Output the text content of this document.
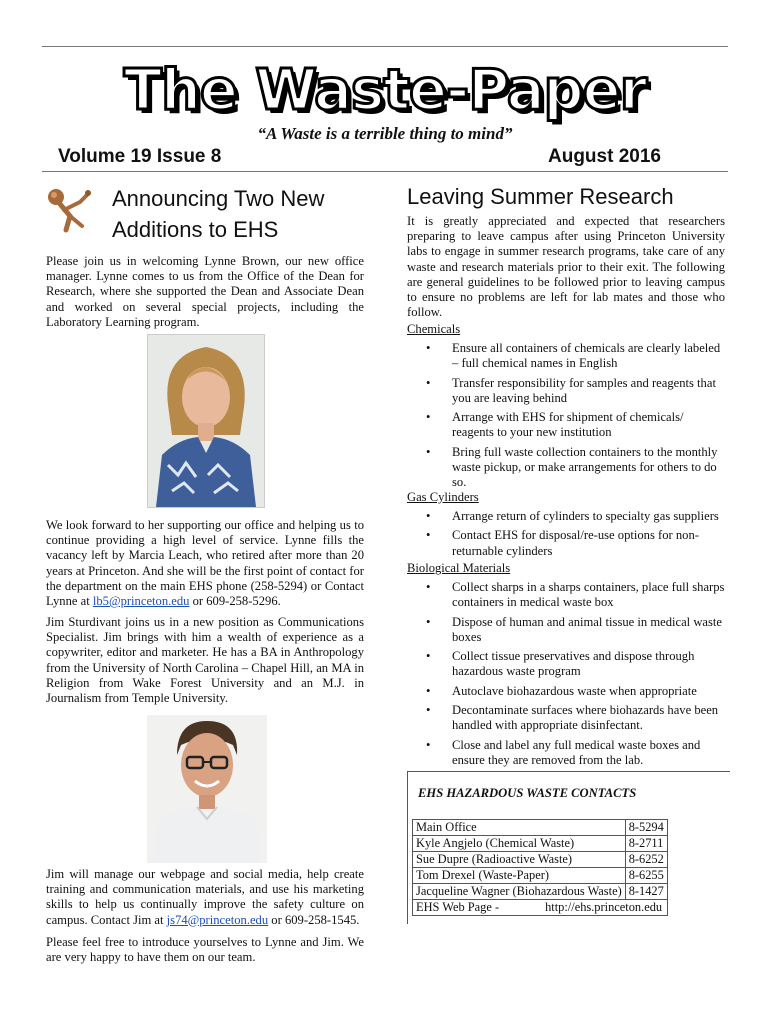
The Waste-Paper
“A Waste is a terrible thing to mind”
Volume 19 Issue 8	August 2016
Announcing Two New
Additions to EHS

Please join us in welcoming Lynne Brown, our new office manager. Lynne comes to us from the Office of the Dean for Research, where she supported the Dean and Associate Dean and worked on several special projects, including the Laboratory Learning program.

We look forward to her supporting our office and helping us to continue providing a high level of service. Lynne fills the vacancy left by Marcia Leach, who retired after more than 20 years at Princeton. And she will be the first point of contact for the department on the main EHS phone (258-5294) or Contact Lynne at lb5@princeton.edu or 609-258-5296.

Jim Sturdivant joins us in a new position as Communications Specialist. Jim brings with him a wealth of experience as a copywriter, editor and marketer. He has a BA in Anthropology from the University of North Carolina – Chapel Hill, an MA in Religion from Wake Forest University and an M.J. in Journalism from Temple University.

Jim will manage our webpage and social media, help create training and communication materials, and use his marketing skills to help us continually improve the safety culture on campus. Contact Jim at js74@princeton.edu or 609-258-1545.

Please feel free to introduce yourselves to Lynne and Jim. We are very happy to have them on our team.

Leaving Summer Research

It is greatly appreciated and expected that researchers preparing to leave campus after using Princeton University labs to engage in summer research programs, take care of any waste and research materials prior to their exit. The following are general guidelines to be followed prior to leaving campus to ensure no problems are left for lab mates and those who follow.

Chemicals
• Ensure all containers of chemicals are clearly labeled – full chemical names in English
• Transfer responsibility for samples and reagents that you are leaving behind
• Arrange with EHS for shipment of chemicals/ reagents to your new institution
• Bring full waste collection containers to the monthly waste pickup, or make arrangements for others to do so.
Gas Cylinders
• Arrange return of cylinders to specialty gas suppliers
• Contact EHS for disposal/re-use options for non-returnable cylinders
Biological Materials
• Collect sharps in a sharps containers, place full sharps containers in medical waste box
• Dispose of human and animal tissue in medical waste boxes
• Collect tissue preservatives and dispose through hazardous waste program
• Autoclave biohazardous waste when appropriate
• Decontaminate surfaces where biohazards have been handled with appropriate disinfectant.
• Close and label any full medical waste boxes and ensure they are removed from the lab.
EHS HAZARDOUS WASTE CONTACTS
Main Office	8-5294
Kyle Angjelo (Chemical Waste)	8-2711
Sue Dupre (Radioactive Waste)	8-6252
Tom Drexel (Waste-Paper)	8-6255
Jacqueline Wagner (Biohazardous Waste)	8-1427
EHS Web Page - http://ehs.princeton.edu	
